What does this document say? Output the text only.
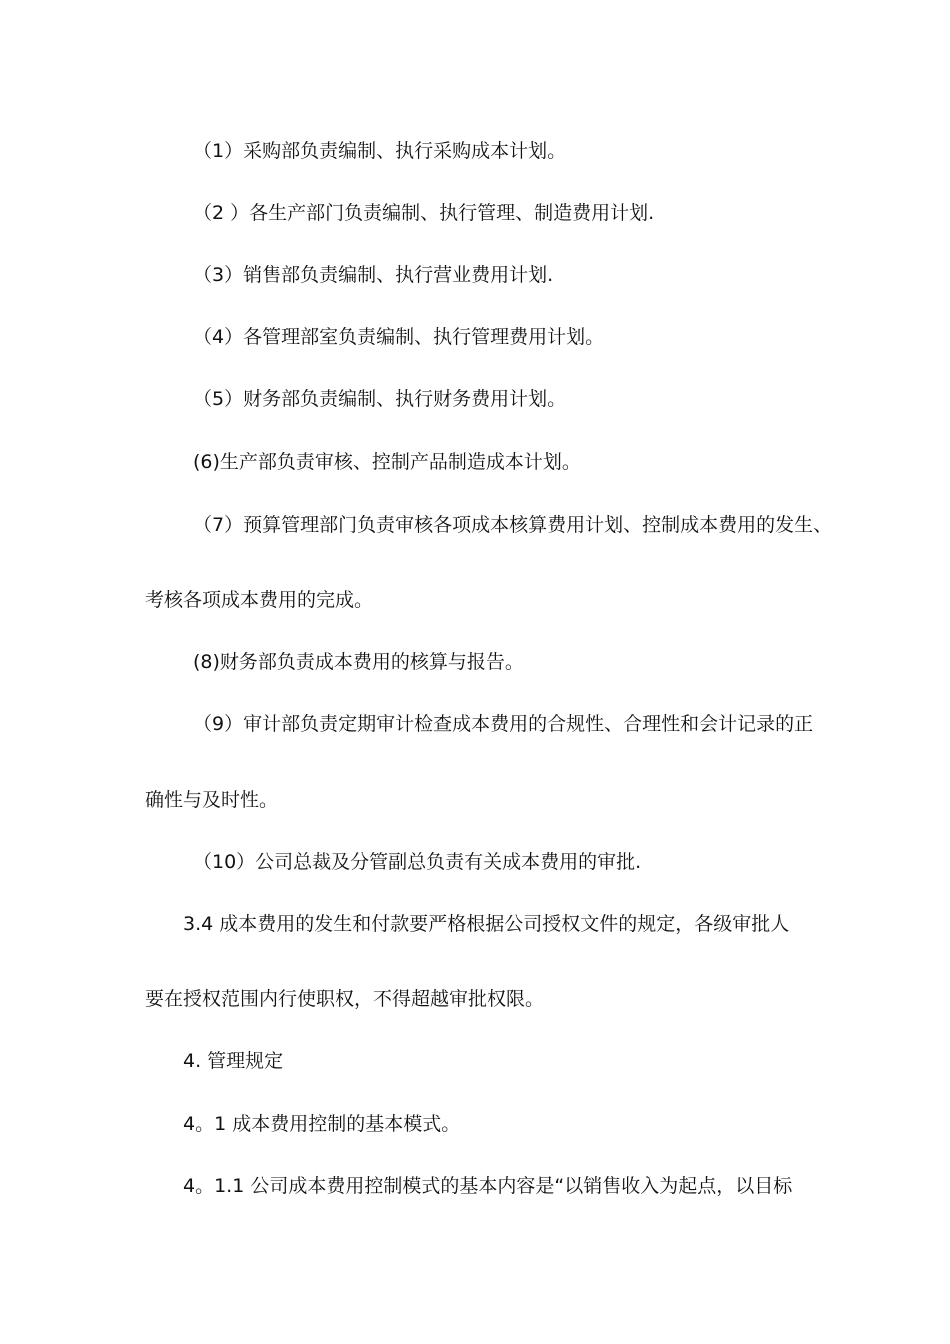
（1）采购部负责编制、执行采购成本计划。
（2 ）各生产部门负责编制、执行管理、制造费用计划.
（3）销售部负责编制、执行营业费用计划.
（4）各管理部室负责编制、执行管理费用计划。
（5）财务部负责编制、执行财务费用计划。
(6)生产部负责审核、控制产品制造成本计划。
（7）预算管理部门负责审核各项成本核算费用计划、控制成本费用的发生、
考核各项成本费用的完成。
(8)财务部负责成本费用的核算与报告。
（9）审计部负责定期审计检查成本费用的合规性、合理性和会计记录的正
确性与及时性。
（10）公司总裁及分管副总负责有关成本费用的审批.
3.4 成本费用的发生和付款要严格根据公司授权文件的规定，各级审批人
要在授权范围内行使职权，不得超越审批权限。
4. 管理规定
4。1 成本费用控制的基本模式。
4。1.1 公司成本费用控制模式的基本内容是“以销售收入为起点，以目标
